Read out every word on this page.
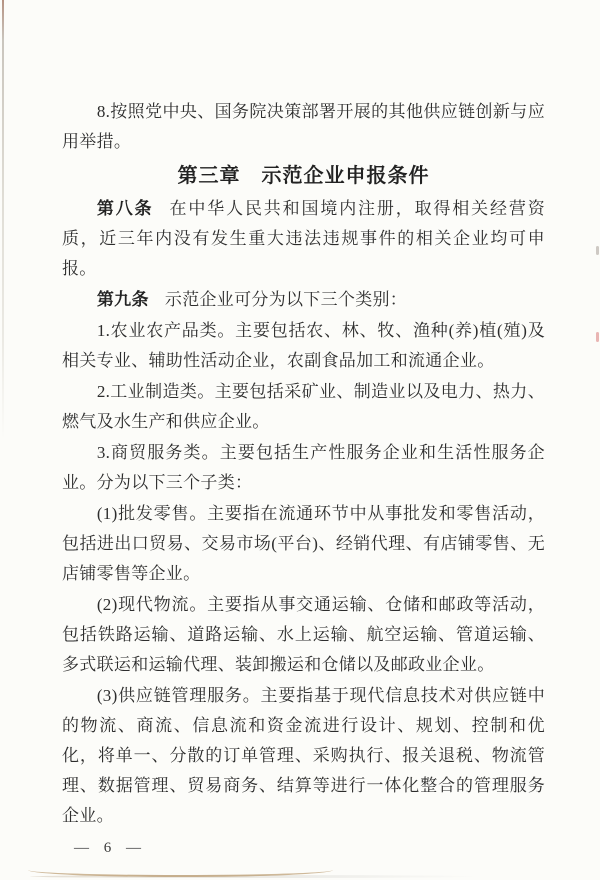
8.按照党中央、国务院决策部署开展的其他供应链创新与应用举措。

第三章　示范企业申报条件

第八条 在中华人民共和国境内注册，取得相关经营资质，近三年内没有发生重大违法违规事件的相关企业均可申报。

第九条 示范企业可分为以下三个类别：

1.农业农产品类。主要包括农、林、牧、渔种(养)植(殖)及相关专业、辅助性活动企业，农副食品加工和流通企业。

2.工业制造类。主要包括采矿业、制造业以及电力、热力、燃气及水生产和供应企业。

3.商贸服务类。主要包括生产性服务企业和生活性服务企业。分为以下三个子类：

(1)批发零售。主要指在流通环节中从事批发和零售活动，包括进出口贸易、交易市场(平台)、经销代理、有店铺零售、无店铺零售等企业。

(2)现代物流。主要指从事交通运输、仓储和邮政等活动，包括铁路运输、道路运输、水上运输、航空运输、管道运输、多式联运和运输代理、装卸搬运和仓储以及邮政业企业。

(3)供应链管理服务。主要指基于现代信息技术对供应链中的物流、商流、信息流和资金流进行设计、规划、控制和优化，将单一、分散的订单管理、采购执行、报关退税、物流管理、数据管理、贸易商务、结算等进行一体化整合的管理服务企业。

— 6 —
